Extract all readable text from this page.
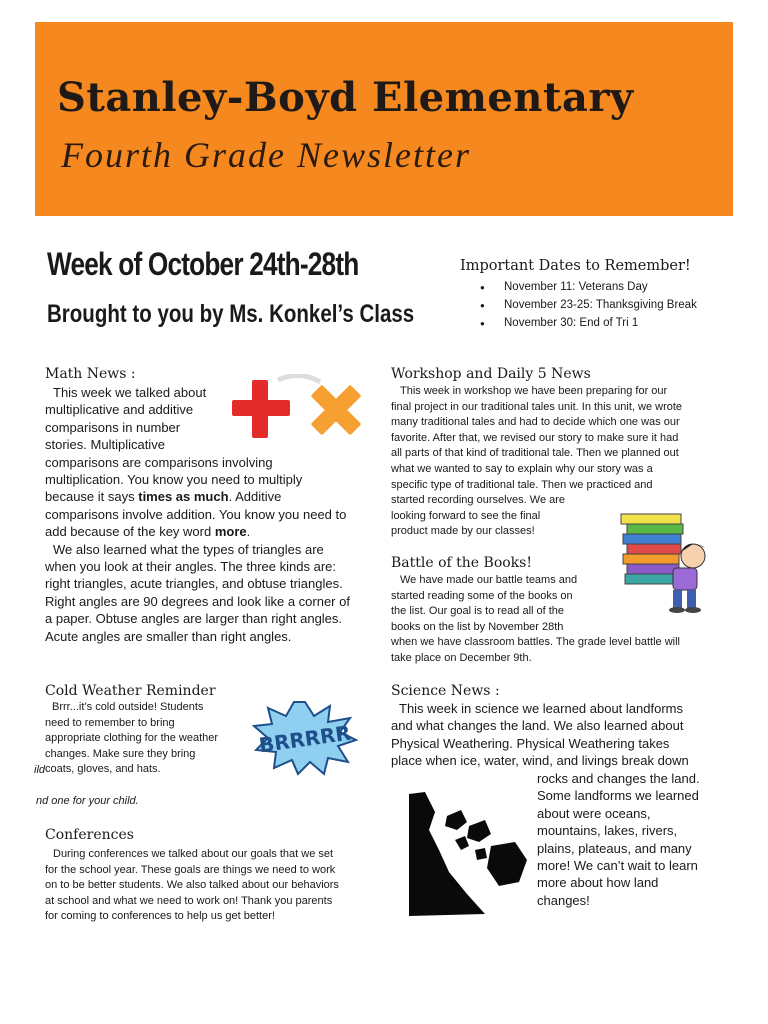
Stanley-Boyd Elementary
Fourth Grade Newsletter
Week of October 24th-28th
Brought to you by Ms. Konkel’s Class
Important Dates to Remember!
● November 11: Veterans Day
● November 23-25: Thanksgiving Break
● November 30: End of Tri 1
Math News :

This week we talked about

multiplicative and additive

comparisons in number

stories. Multiplicative

comparisons are comparisons involving

multiplication. You know you need to multiply

because it says times as much. Additive

comparisons involve addition. You know you need to

add because of the key word more.

We also learned what the types of triangles are

when you look at their angles. The three kinds are:

right triangles, acute triangles, and obtuse triangles.

Right angles are 90 degrees and look like a corner of

a paper. Obtuse angles are larger than right angles.

Acute angles are smaller than right angles.

Workshop and Daily 5 News

This week in workshop we have been preparing for our

final project in our traditional tales unit. In this unit, we wrote

many traditional tales and had to decide which one was our

favorite. After that, we revised our story to make sure it had

all parts of that kind of traditional tale. Then we planned out

what we wanted to say to explain why our story was a

specific type of traditional tale. Then we practiced and

started recording ourselves. We are

looking forward to see the final

product made by our classes!

Battle of the Books!

We have made our battle teams and

started reading some of the books on

the list. Our goal is to read all of the

books on the list by November 28th

when we have classroom battles. The grade level battle will

take place on December 9th.

Cold Weather Reminder

Brrr...it’s cold outside! Students

need to remember to bring

appropriate clothing for the weather

changes. Make sure they bring

coats, gloves, and hats.

ild
nd one for your child.
BRRRRR
Science News :

This week in science we learned about landforms

and what changes the land. We also learned about

Physical Weathering. Physical Weathering takes

place when ice, water, wind, and livings break down

rocks and changes the land.

Some landforms we learned

about were oceans,

mountains, lakes, rivers,

plains, plateaus, and many

more! We can’t wait to learn

more about how land

changes!

Conferences

During conferences we talked about our goals that we set

for the school year. These goals are things we need to work

on to be better students. We also talked about our behaviors

at school and what we need to work on! Thank you parents

for coming to conferences to help us get better!
